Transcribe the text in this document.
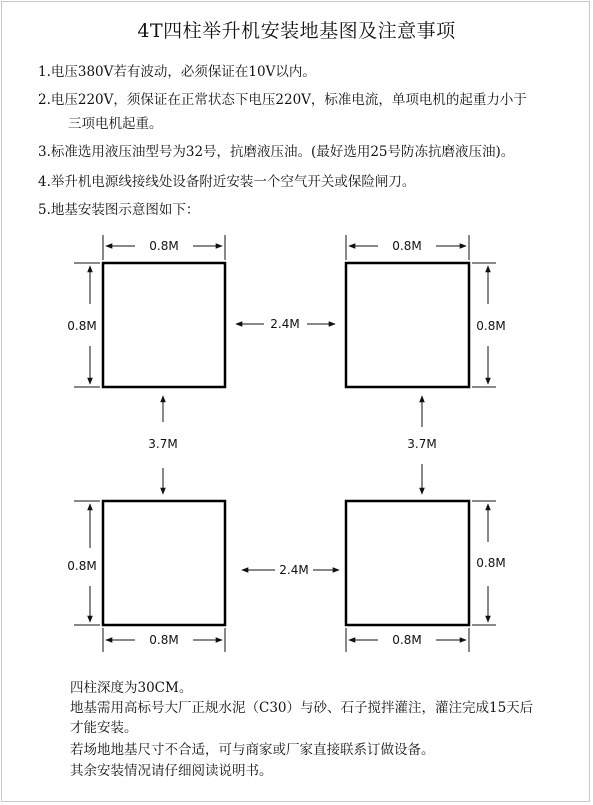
4T四柱举升机安装地基图及注意事项
1.电压380V若有波动，必须保证在10V以内。
2.电压220V，须保证在正常状态下电压220V，标准电流，单项电机的起重力小于
三项电机起重。
3.标准选用液压油型号为32号，抗磨液压油。(最好选用25号防冻抗磨液压油)。
4.举升机电源线接线处设备附近安装一个空气开关或保险闸刀。
5.地基安装图示意图如下：
0.8M
0.8M
0.8M
0.8M
2.4M
3.7M	3.7M
0.8M
0.8M
0.8M
0.8M
2.4M
四柱深度为30CM。
地基需用高标号大厂正规水泥（C30）与砂、石子搅拌灌注，灌注完成15天后
才能安装。
若场地地基尺寸不合适，可与商家或厂家直接联系订做设备。
其余安装情况请仔细阅读说明书。
